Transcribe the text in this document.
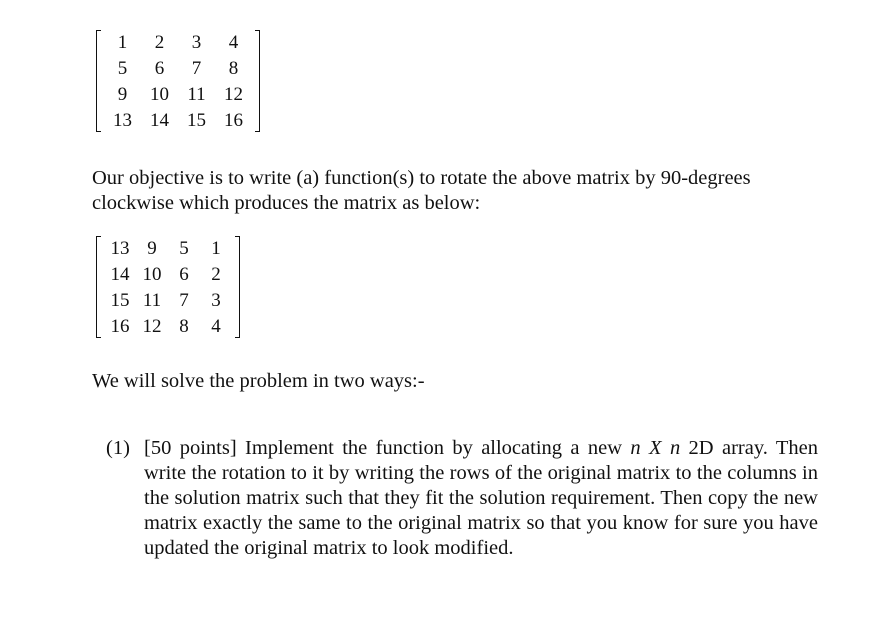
1	2	3	4
5	6	7	8
9	10	11	12
13	14	15	16

Our objective is to write (a) function(s) to rotate the above matrix by 90-degrees clockwise which produces the matrix as below:

13	9	5	1
14	10	6	2
15	11	7	3
16	12	8	4

We will solve the problem in two ways:-

(1) [50 points] Implement the function by allocating a new n X n 2D array. Then write the rotation to it by writing the rows of the original matrix to the columns in the solution matrix such that they fit the solution requirement. Then copy the new matrix exactly the same to the original matrix so that you know for sure you have updated the original matrix to look modified.
